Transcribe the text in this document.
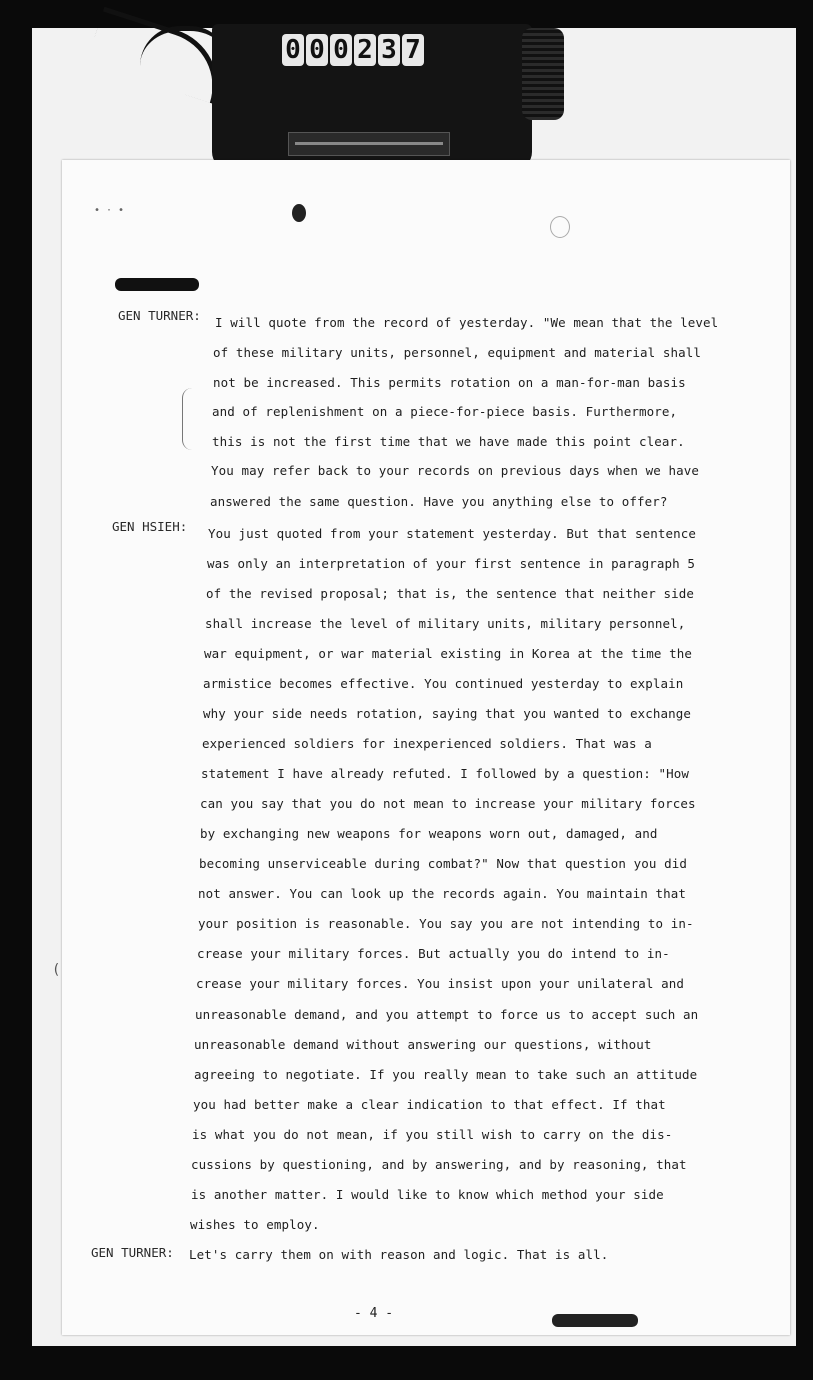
0 0 0 2 3 7
•·•
(
GEN TURNER: I will quote from the record of yesterday. "We mean that the level
of these military units, personnel, equipment and material shall
not be increased. This permits rotation on a man-for-man basis
and of replenishment on a piece-for-piece basis. Furthermore,
this is not the first time that we have made this point clear.
You may refer back to your records on previous days when we have
answered the same question. Have you anything else to offer?
GEN HSIEH: You just quoted from your statement yesterday. But that sentence
was only an interpretation of your first sentence in paragraph 5
of the revised proposal; that is, the sentence that neither side
shall increase the level of military units, military personnel,
war equipment, or war material existing in Korea at the time the
armistice becomes effective. You continued yesterday to explain
why your side needs rotation, saying that you wanted to exchange
experienced soldiers for inexperienced soldiers. That was a
statement I have already refuted. I followed by a question: "How
can you say that you do not mean to increase your military forces
by exchanging new weapons for weapons worn out, damaged, and
becoming unserviceable during combat?" Now that question you did
not answer. You can look up the records again. You maintain that
your position is reasonable. You say you are not intending to in-
crease your military forces. But actually you do intend to in-
crease your military forces. You insist upon your unilateral and
unreasonable demand, and you attempt to force us to accept such an
unreasonable demand without answering our questions, without
agreeing to negotiate. If you really mean to take such an attitude
you had better make a clear indication to that effect. If that
is what you do not mean, if you still wish to carry on the dis-
cussions by questioning, and by answering, and by reasoning, that
is another matter. I would like to know which method your side
wishes to employ.
GEN TURNER: Let's carry them on with reason and logic. That is all.
- 4 -
